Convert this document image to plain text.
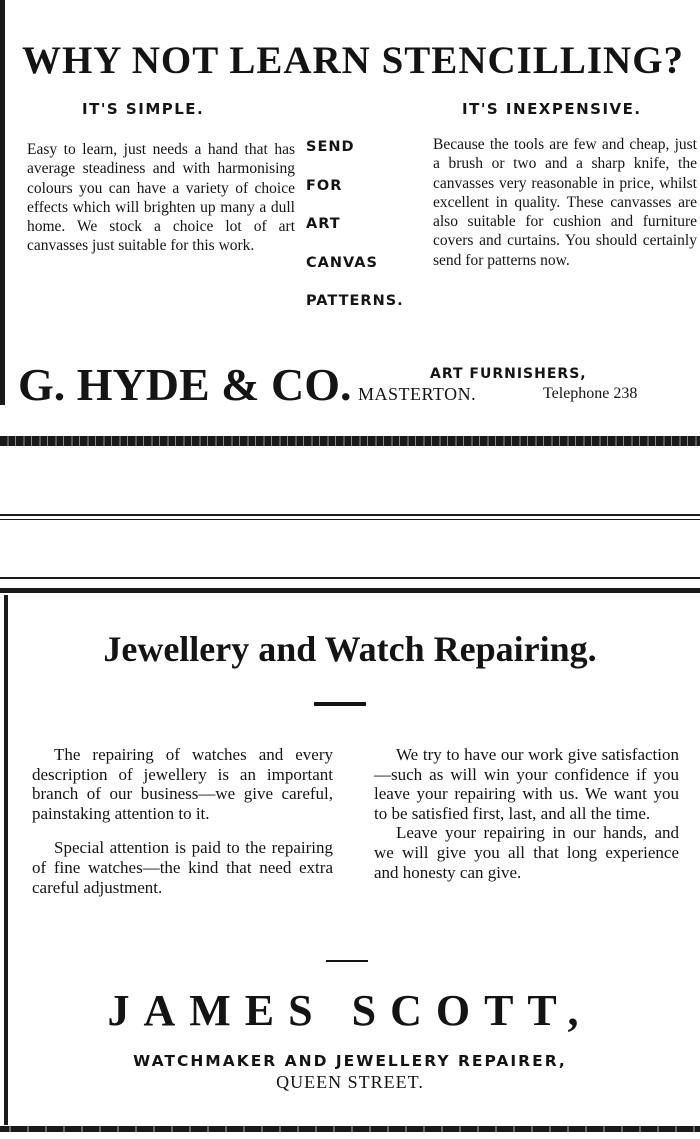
WHY NOT LEARN STENCILLING?
IT'S SIMPLE.	IT'S INEXPENSIVE.
Easy to learn, just needs a hand that has average steadiness and with harmonising colours you can have a variety of choice effects which will brighten up many a dull home. We stock a choice lot of art canvasses just suitable for this work.
SEND
FOR
ART
CANVAS
PATTERNS.
Because the tools are few and cheap, just a brush or two and a sharp knife, the canvasses very reasonable in price, whilst excellent in quality. These canvasses are also suitable for cushion and furniture covers and curtains. You should certainly send for patterns now.
G. HYDE & CO.	ART FURNISHERS,
MASTERTON.	Telephone 238
Jewellery and Watch Repairing.

The repairing of watches and every description of jewellery is an important branch of our business—we give careful, painstaking attention to it.

Special attention is paid to the repairing of fine watches—the kind that need extra careful adjustment.

We try to have our work give satisfaction—such as will win your confidence if you leave your repairing with us. We want you to be satisfied first, last, and all the time.

Leave your repairing in our hands, and we will give you all that long experience and honesty can give.

JAMES SCOTT,
WATCHMAKER AND JEWELLERY REPAIRER,
QUEEN STREET.
